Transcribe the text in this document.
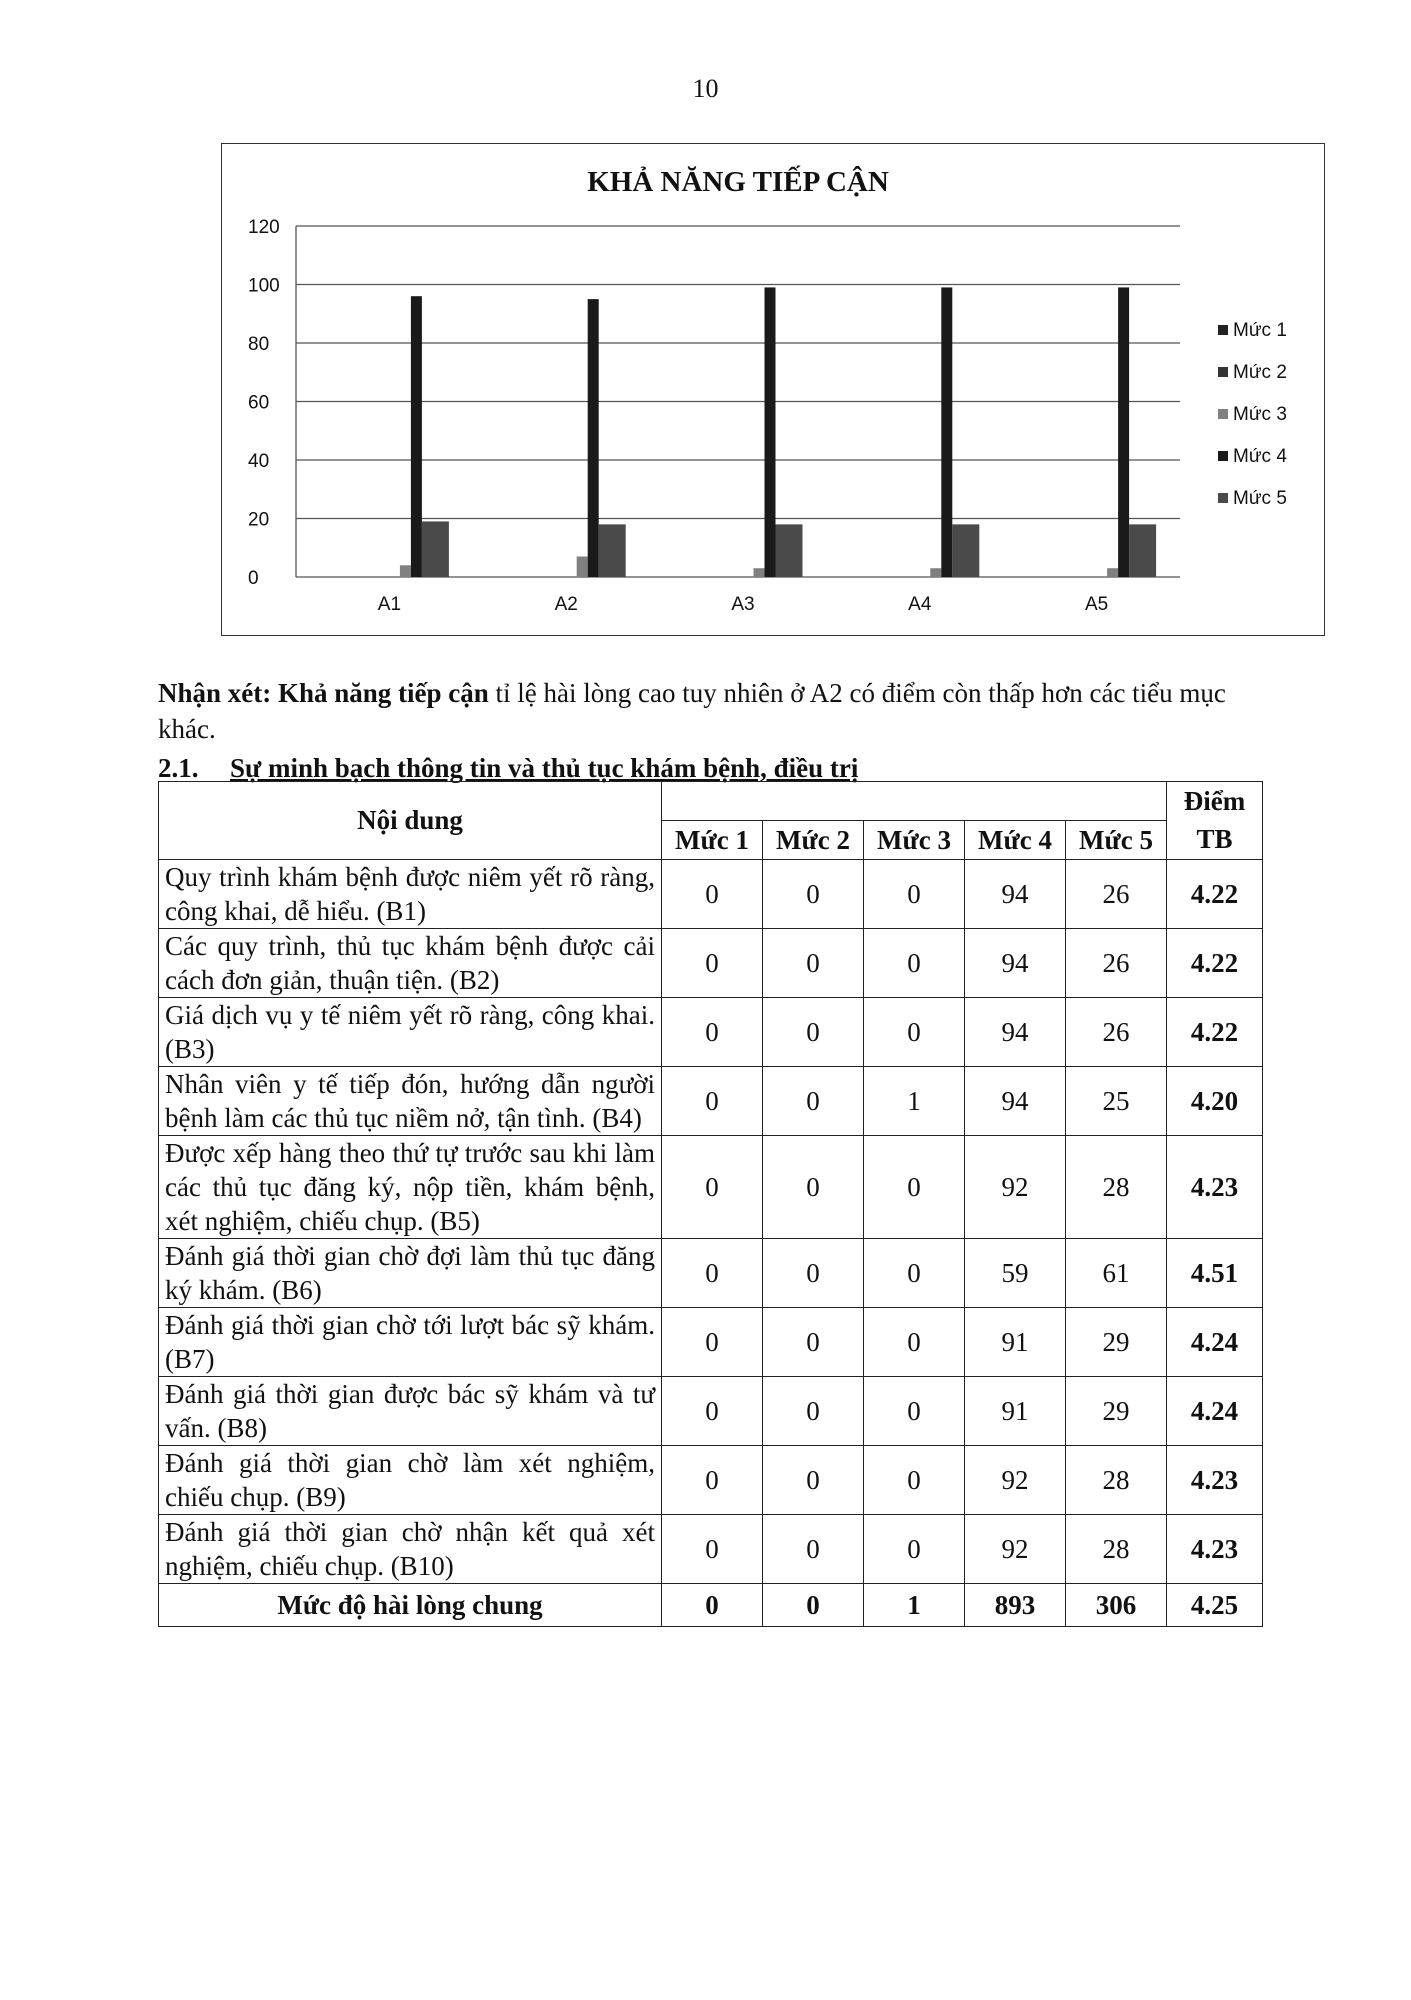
10
KHẢ NĂNG TIẾP CẬN
0
20
40
60
80
100
120
A1	A2	A3	A4	A5
Mức 1
Mức 2
Mức 3
Mức 4
Mức 5
Nhận xét: Khả năng tiếp cận tỉ lệ hài lòng cao tuy nhiên ở A2 có điểm còn thấp hơn các tiểu mục khác.
2.1. Sự minh bạch thông tin và thủ tục khám bệnh, điều trị
Nội dung						Điểm
	Mức 1	Mức 2	Mức 3	Mức 4	Mức 5	TB
Quy trình khám bệnh được niêm yết rõ ràng, công khai, dễ hiểu. (B1)	0	0	0	94	26	4.22
Các quy trình, thủ tục khám bệnh được cải cách đơn giản, thuận tiện. (B2)	0	0	0	94	26	4.22
Giá dịch vụ y tế niêm yết rõ ràng, công khai. (B3)	0	0	0	94	26	4.22
Nhân viên y tế tiếp đón, hướng dẫn người bệnh làm các thủ tục niềm nở, tận tình. (B4)	0	0	1	94	25	4.20
Được xếp hàng theo thứ tự trước sau khi làm các thủ tục đăng ký, nộp tiền, khám bệnh, xét nghiệm, chiếu chụp. (B5)	0	0	0	92	28	4.23
Đánh giá thời gian chờ đợi làm thủ tục đăng ký khám. (B6)	0	0	0	59	61	4.51
Đánh giá thời gian chờ tới lượt bác sỹ khám. (B7)	0	0	0	91	29	4.24
Đánh giá thời gian được bác sỹ khám và tư vấn. (B8)	0	0	0	91	29	4.24
Đánh giá thời gian chờ làm xét nghiệm, chiếu chụp. (B9)	0	0	0	92	28	4.23
Đánh giá thời gian chờ nhận kết quả xét nghiệm, chiếu chụp. (B10)	0	0	0	92	28	4.23
Mức độ hài lòng chung	0	0	1	893	306	4.25
